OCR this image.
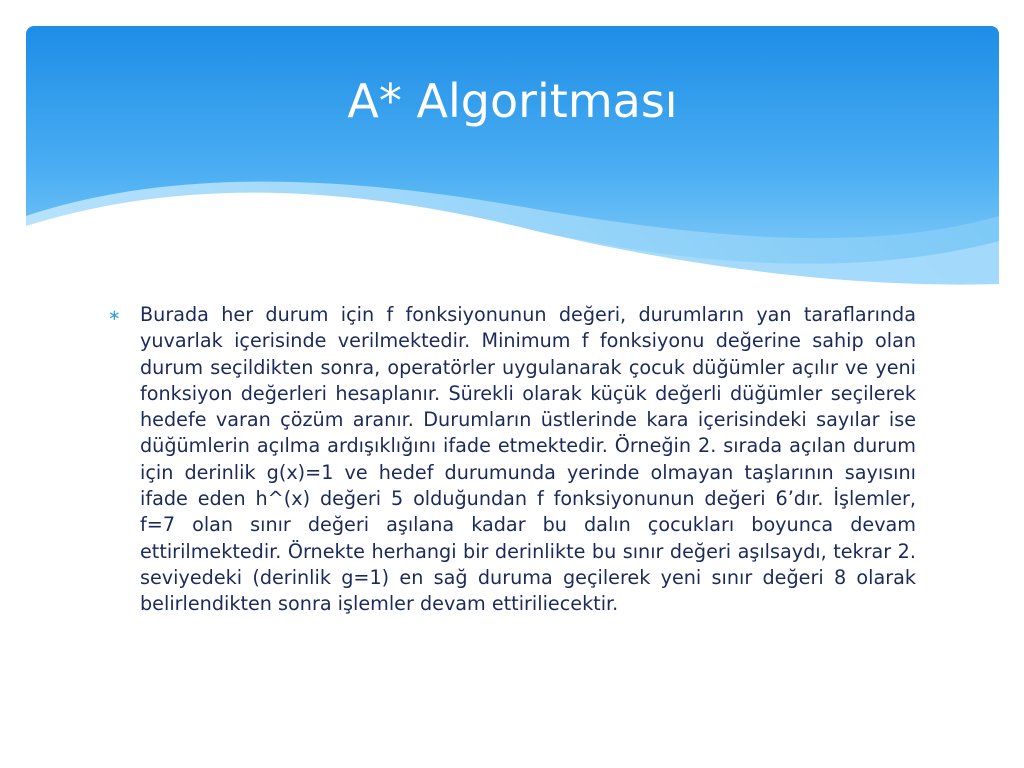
A* Algoritması
∗	Burada her durum için f fonksiyonunun değeri, durumların yan taraflarında yuvarlak içerisinde verilmektedir. Minimum f fonksiyonu değerine sahip olan durum seçildikten sonra, operatörler uygulanarak çocuk düğümler açılır ve yeni fonksiyon değerleri hesaplanır. Sürekli olarak küçük değerli düğümler seçilerek hedefe varan çözüm aranır. Durumların üstlerinde kara içerisindeki sayılar ise düğümlerin açılma ardışıklığını ifade etmektedir. Örneğin 2. sırada açılan durum için derinlik g(x)=1 ve hedef durumunda yerinde olmayan taşlarının sayısını ifade eden h^(x) değeri 5 olduğundan f fonksiyonunun değeri 6’dır. İşlemler, f=7 olan sınır değeri aşılana kadar bu dalın çocukları boyunca devam ettirilmektedir. Örnekte herhangi bir derinlikte bu sınır değeri aşılsaydı, tekrar 2. seviyedeki (derinlik g=1) en sağ duruma geçilerek yeni sınır değeri 8 olarak belirlendikten sonra işlemler devam ettiriliecektir.
